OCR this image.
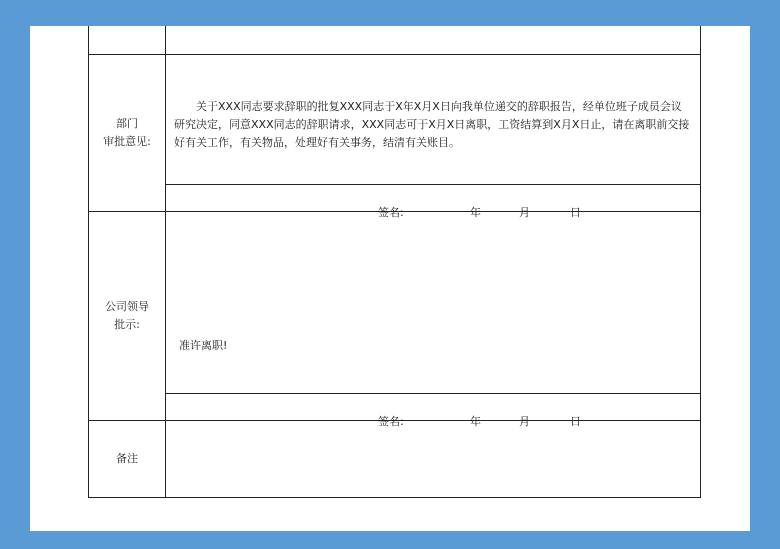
部门
审批意见:	关于XXX同志要求辞职的批复XXX同志于X年X月X日向我单位递交的辞职报告，经单位班子成员会议研究决定，同意XXX同志的辞职请求，XXX同志可于X月X日离职，工资结算到X月X日止，请在离职前交接好有关工作，有关物品，处理好有关事务，结清有关账目。

	签名: 年 月 日

公司领导
批示:	准许离职!

	签名: 年 月 日

备注	
